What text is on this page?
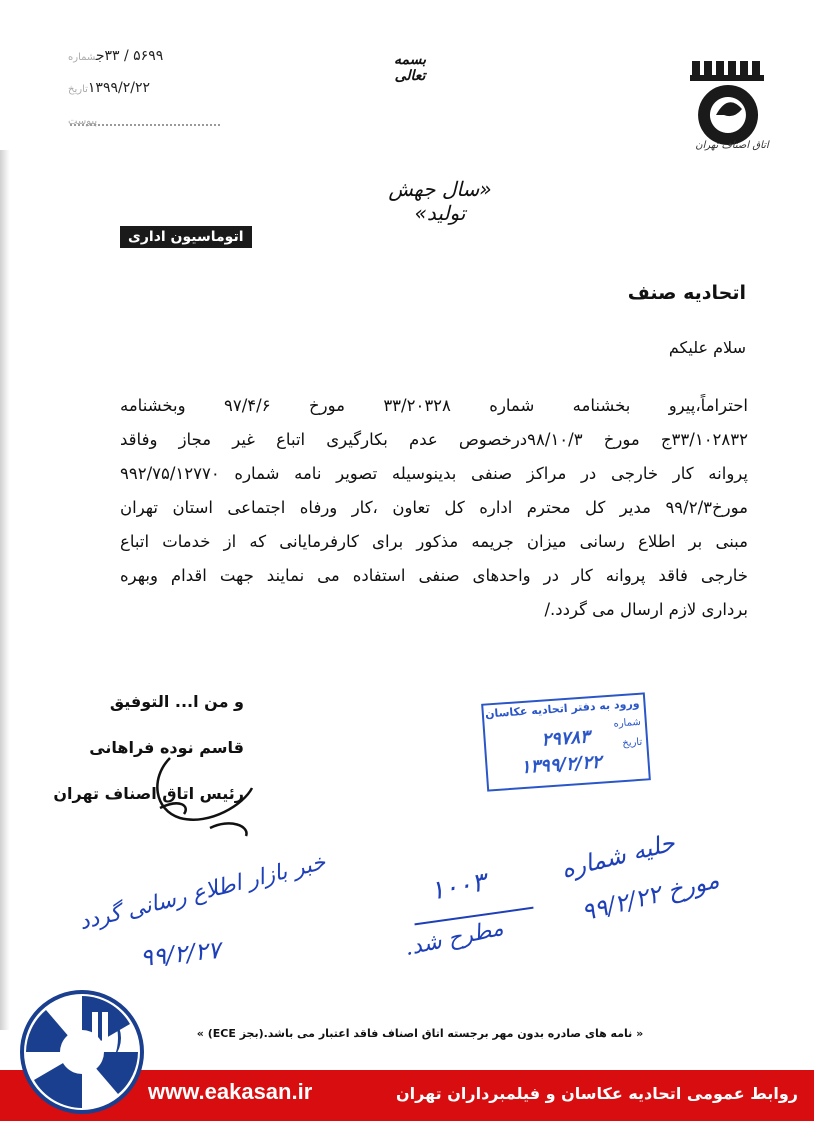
۵۶۹۹ / ۳۳جشماره
۱۳۹۹/۲/۲۲تاریخ
پیوست
بسمه تعالی
اتاق اصناف تهران
«سال جهش تولید»
اتوماسیون اداری
اتحادیه صنف
سلام علیکم
احتراماً،پیرو بخشنامه شماره ۳۳/۲۰۳۲۸ مورخ ۹۷/۴/۶ وبخشنامه
۳۳/۱۰۲۸۳۲ج مورخ ۹۸/۱۰/۳درخصوص عدم بکارگیری اتباع غیر مجاز وفاقد
پروانه کار خارجی در مراکز صنفی بدینوسیله تصویر نامه شماره ۹۹۲/۷۵/۱۲۷۷۰
مورخ۹۹/۲/۳ مدیر کل محترم اداره کل تعاون ،کار ورفاه اجتماعی استان تهران
مبنی بر اطلاع رسانی میزان جریمه مذکور برای کارفرمایانی که از خدمات اتباع
خارجی فاقد پروانه کار در واحدهای صنفی استفاده می نمایند جهت اقدام وبهره
برداری لازم ارسال می گردد./
و من ا... التوفیق
قاسم نوده فراهانی
رئیس اتاق اصناف تهران
ورود به دفتر اتحادیه عکاسان
شماره
۲۹۷۸۳	تاریخ
۱۳۹۹/۲/۲۲
خبر بازار اطلاع رسانی گردد
۹۹/۲/۲۷
حلیه شماره
مورخ ۹۹/۲/۲۲
۱۰۰۳
مطرح شد.
« نامه های صادره بدون مهر برجسته اتاق اصناف فاقد اعتبار می باشد.(بجز ECE) »
www.eakasan.ir	روابط عمومی اتحادیه عکاسان و فیلمبرداران تهران
